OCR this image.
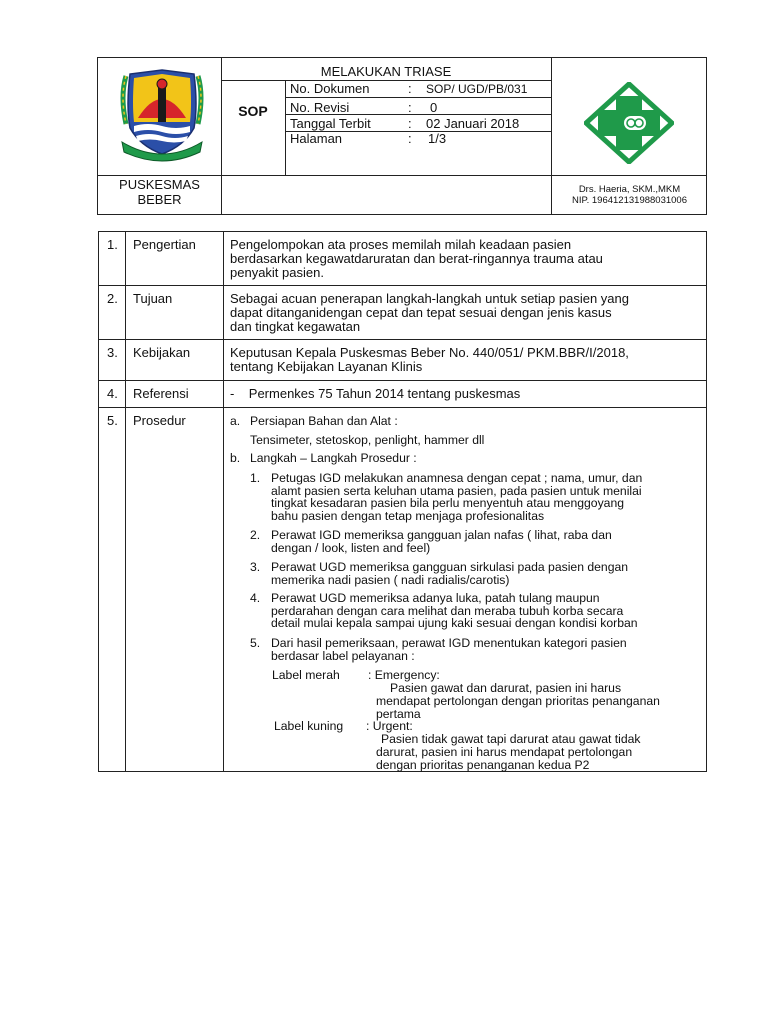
SOP
MELAKUKAN TRIASE
No. Dokumen	: SOP/ UGD/PB/031
No. Revisi	: 0
Tanggal Terbit	: 02 Januari 2018
Halaman	: 1/3
PUSKESMAS
BEBER
Drs. Haeria, SKM.,MKM
NIP. 196412131988031006
1. Pengertian	Pengelompokan ata proses memilah milah keadaan pasien
berdasarkan kegawatdaruratan dan berat-ringannya trauma atau
penyakit pasien.
2. Tujuan	Sebagai acuan penerapan langkah-langkah untuk setiap pasien yang
dapat ditanganidengan cepat dan tepat sesuai dengan jenis kasus
dan tingkat kegawatan
3. Kebijakan	Keputusan Kepala Puskesmas Beber No. 440/051/ PKM.BBR/I/2018,
tentang Kebijakan Layanan Klinis
4. Referensi	-    Permenkes 75 Tahun 2014 tentang puskesmas
5. Prosedur	a. Persiapan Bahan dan Alat :
Tensimeter, stetoskop, penlight, hammer dll
b. Langkah – Langkah Prosedur :
1. Petugas IGD melakukan anamnesa dengan cepat ; nama, umur, dan
alamt pasien serta keluhan utama pasien, pada pasien untuk menilai
tingkat kesadaran pasien bila perlu menyentuh atau menggoyang
bahu pasien dengan tetap menjaga profesionalitas
2. Perawat IGD memeriksa gangguan jalan nafas ( lihat, raba dan
dengan / look, listen and feel)
3. Perawat UGD memeriksa gangguan sirkulasi pada pasien dengan
memerika nadi pasien ( nadi radialis/carotis)
4. Perawat UGD memeriksa adanya luka, patah tulang maupun
perdarahan dengan cara melihat dan meraba tubuh korba secara
detail mulai kepala sampai ujung kaki sesuai dengan kondisi korban
5. Dari hasil pemeriksaan, perawat IGD menentukan kategori pasien
berdasar label pelayanan :
Label merah : Emergency:
Pasien gawat dan darurat, pasien ini harus
mendapat pertolongan dengan prioritas penanganan
pertama
Label kuning : Urgent:
Pasien tidak gawat tapi darurat atau gawat tidak
darurat, pasien ini harus mendapat pertolongan
dengan prioritas penanganan kedua P2
